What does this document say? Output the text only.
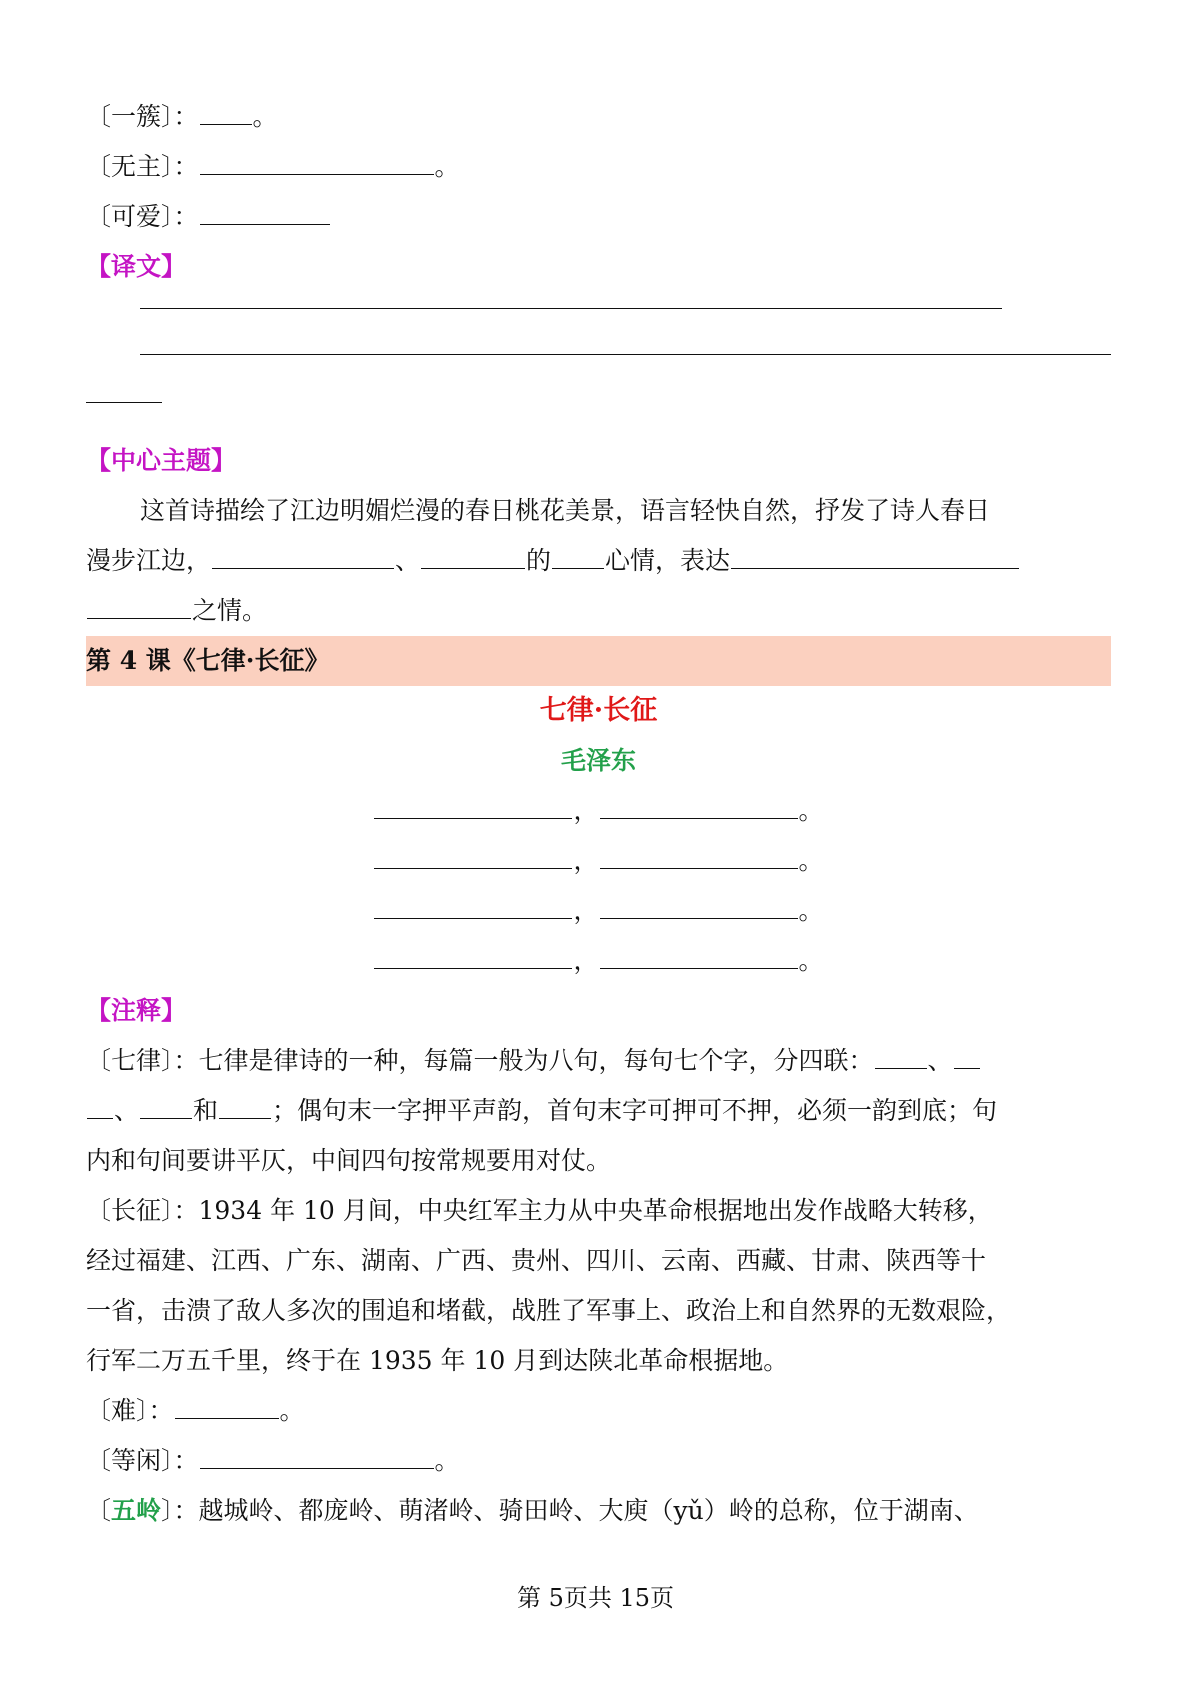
〔一簇〕： 。
〔无主〕：	。
〔可爱〕：
【译文】
【中心主题】
这首诗描绘了江边明媚烂漫的春日桃花美景，语言轻快自然，抒发了诗人春日
漫步江边，	、	的 心情，表达
之情。
第 4 课《七律·长征》
七律·长征
毛泽东
，	。
，	。
，	。
，	。
【注释】
〔七律〕：七律是律诗的一种，每篇一般为八句，每句七个字，分四联： 、
、 和 ；偶句末一字押平声韵，首句末字可押可不押，必须一韵到底；句
内和句间要讲平仄，中间四句按常规要用对仗。
〔长征〕：1934 年 10 月间，中央红军主力从中央革命根据地出发作战略大转移，
经过福建、江西、广东、湖南、广西、贵州、四川、云南、西藏、甘肃、陕西等十
一省，击溃了敌人多次的围追和堵截，战胜了军事上、政治上和自然界的无数艰险，
行军二万五千里，终于在 1935 年 10 月到达陕北革命根据地。
〔难〕：	。
〔等闲〕：	。
〔五岭〕：越城岭、都庞岭、萌渚岭、骑田岭、大庾（yǔ）岭的总称，位于湖南、
第 5页共 15页
